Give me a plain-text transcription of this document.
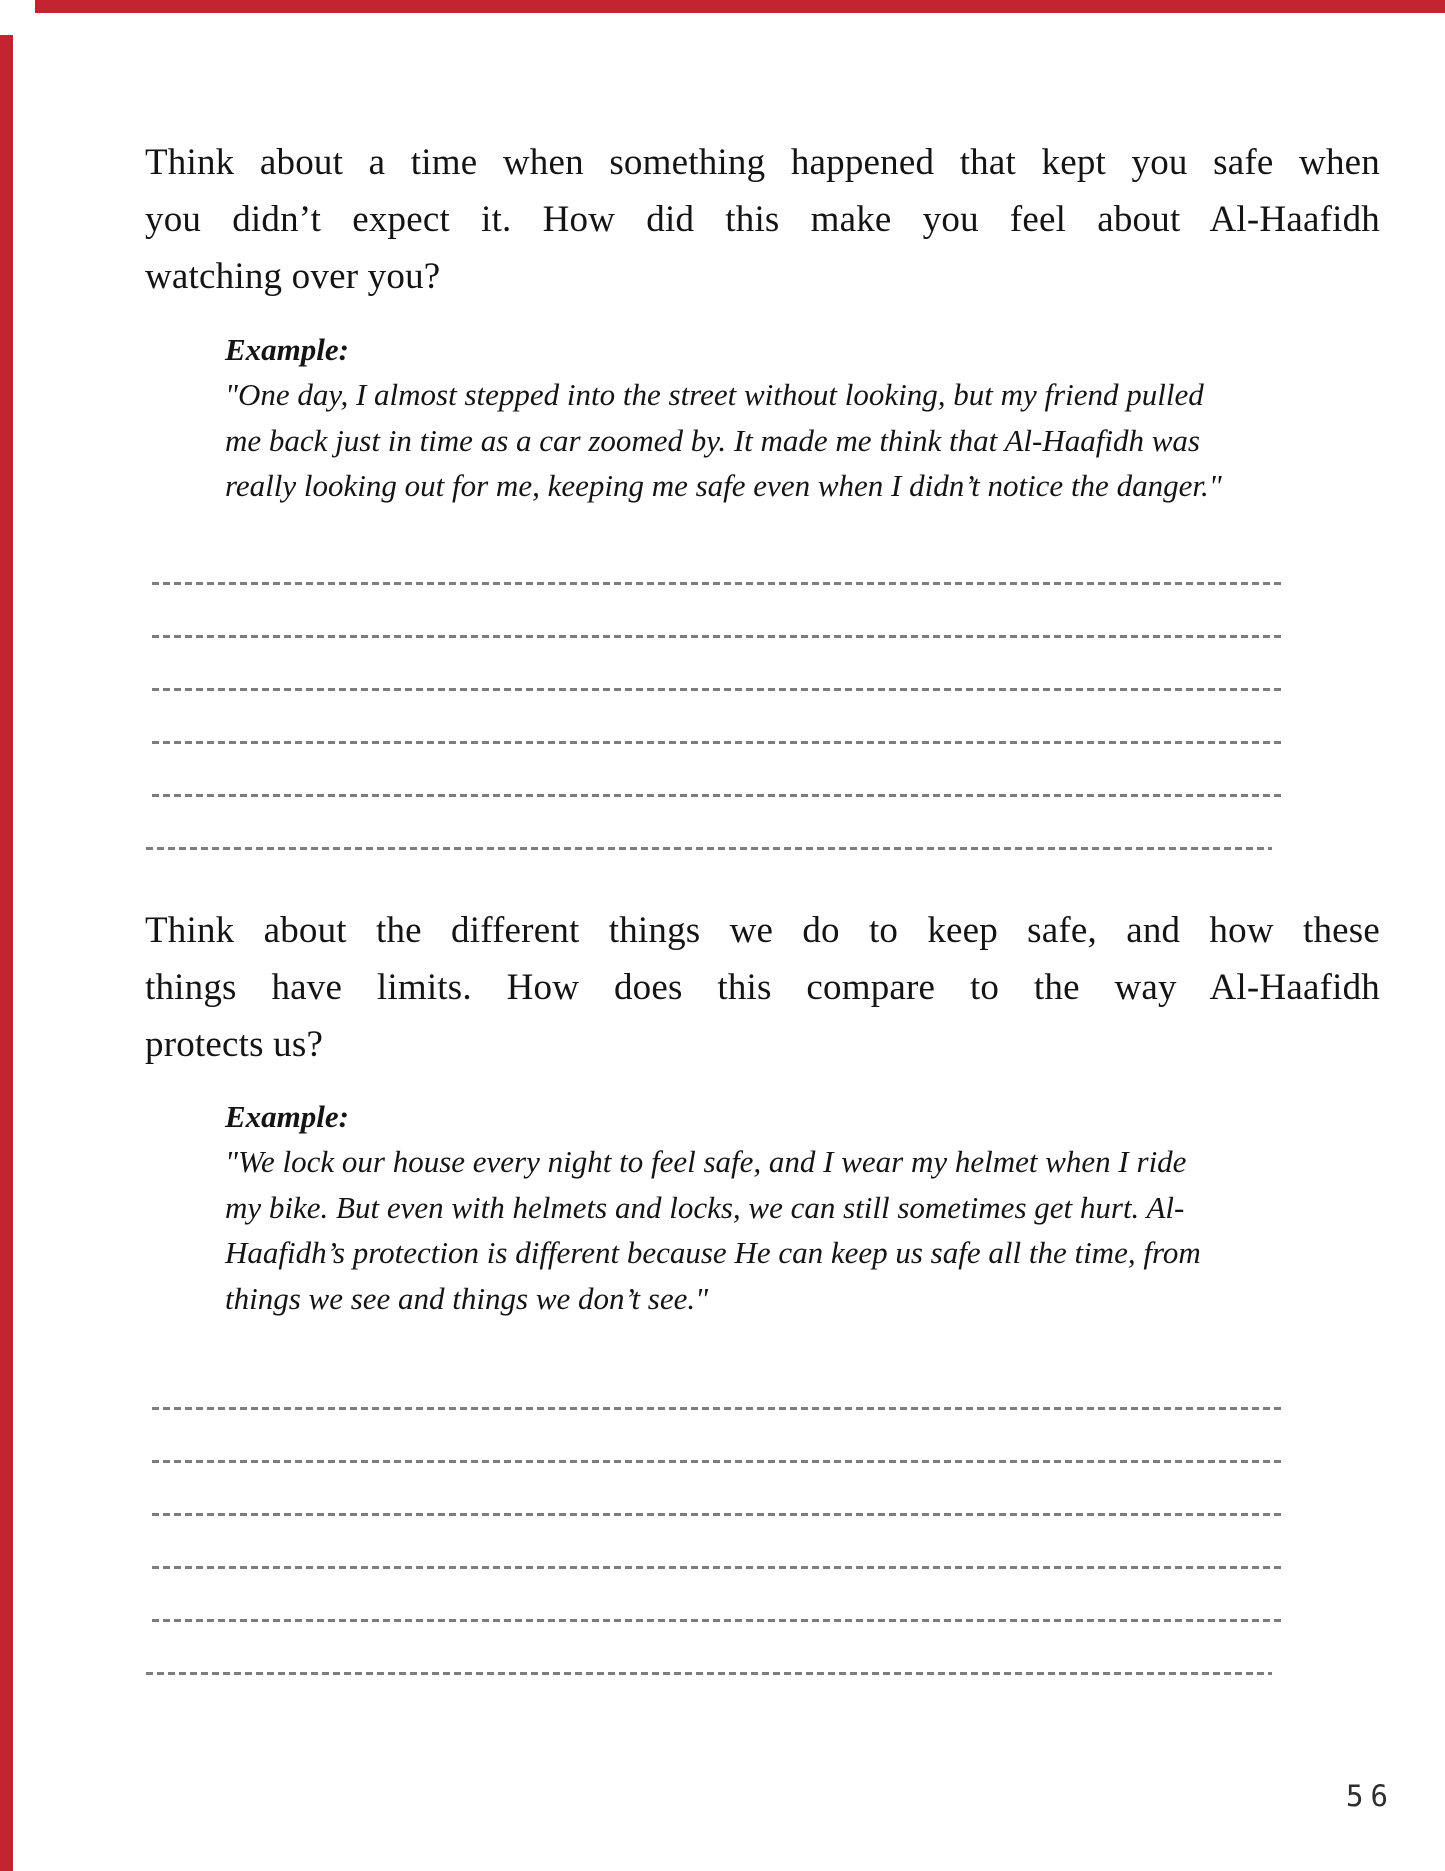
Think about a time when something happened that kept you safe when
you didn’t expect it. How did this make you feel about Al-Haafidh
watching over you?
Example:
"One day, I almost stepped into the street without looking, but my friend pulled
me back just in time as a car zoomed by. It made me think that Al-Haafidh was
really looking out for me, keeping me safe even when I didn’t notice the danger."
Think about the different things we do to keep safe, and how these
things have limits. How does this compare to the way Al-Haafidh
protects us?
Example:
"We lock our house every night to feel safe, and I wear my helmet when I ride
my bike. But even with helmets and locks, we can still sometimes get hurt. Al-
Haafidh’s protection is different because He can keep us safe all the time, from
things we see and things we don’t see."
56
